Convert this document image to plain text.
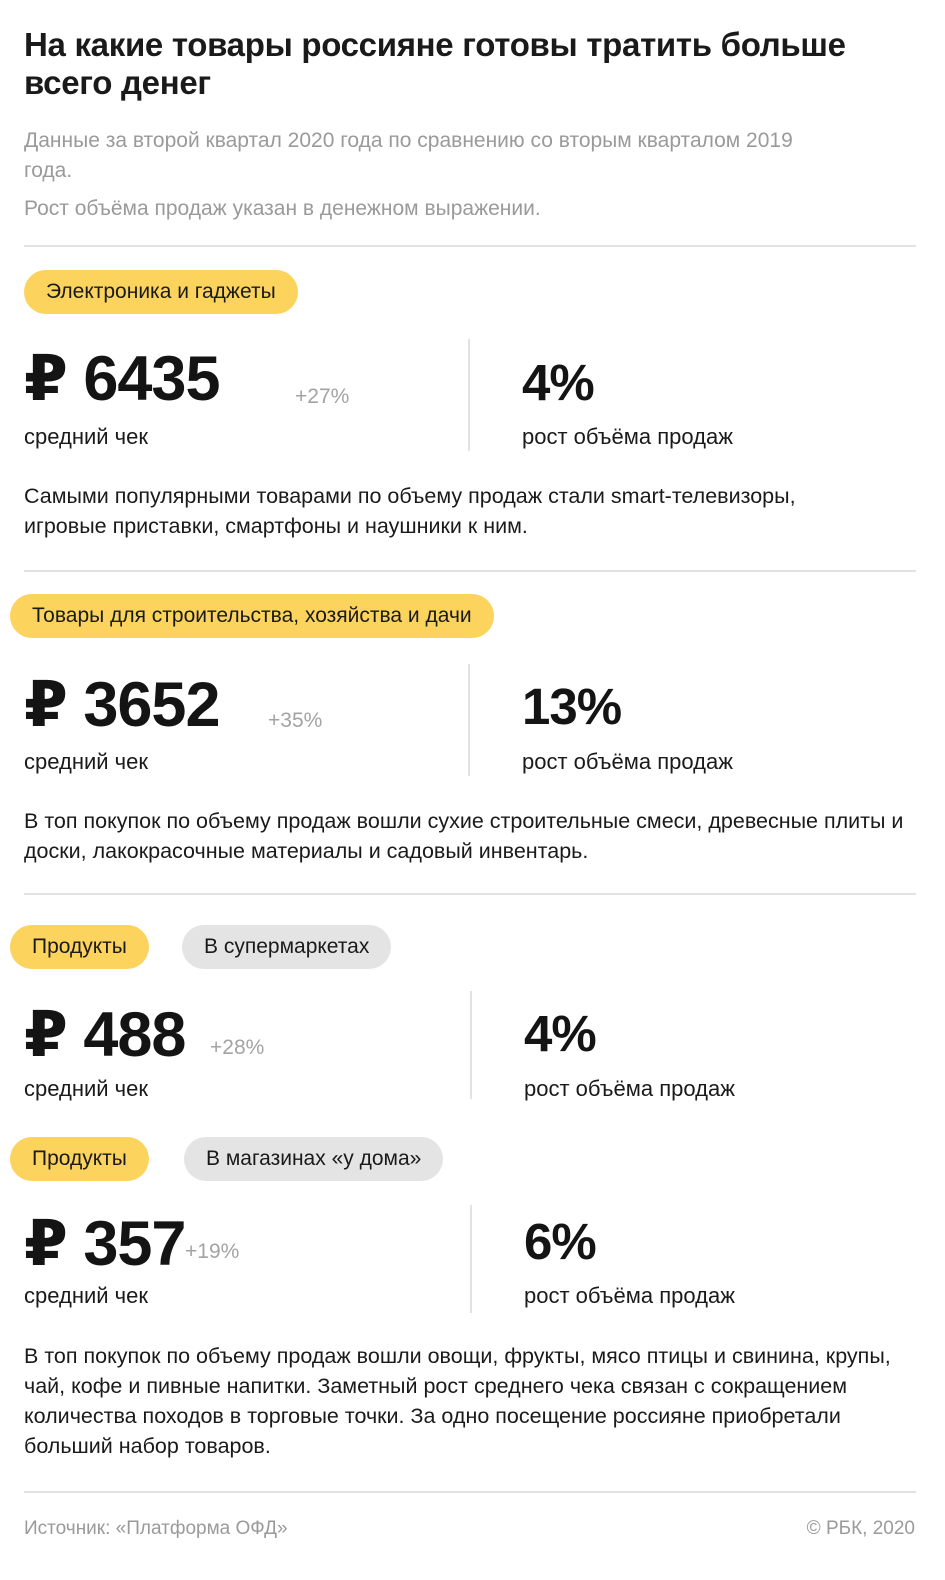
На какие товары россияне готовы тратить больше всего денег
Данные за второй квартал 2020 года по сравнению со вторым кварталом 2019 года.
Рост объёма продаж указан в денежном выражении.
Электроника и гаджеты
₽ 6435	+27%
средний чек
4%
рост объёма продаж
Самыми популярными товарами по объему продаж стали smart-телевизоры, игровые приставки, смартфоны и наушники к ним.
Товары для строительства, хозяйства и дачи
₽ 3652 +35%
средний чек
13%
рост объёма продаж
В топ покупок по объему продаж вошли сухие строительные смеси, древесные плиты и доски, лакокрасочные материалы и садовый инвентарь.
Продукты	В супермаркетах
₽ 488 +28%
средний чек
4%
рост объёма продаж
Продукты	В магазинах «у дома»
₽ 357 +19%
средний чек
6%
рост объёма продаж
В топ покупок по объему продаж вошли овощи, фрукты, мясо птицы и свинина, крупы, чай, кофе и пивные напитки. Заметный рост среднего чека связан с сокращением количества походов в торговые точки. За одно посещение россияне приобретали больший набор товаров.
Источник: «Платформа ОФД»	© РБК, 2020
